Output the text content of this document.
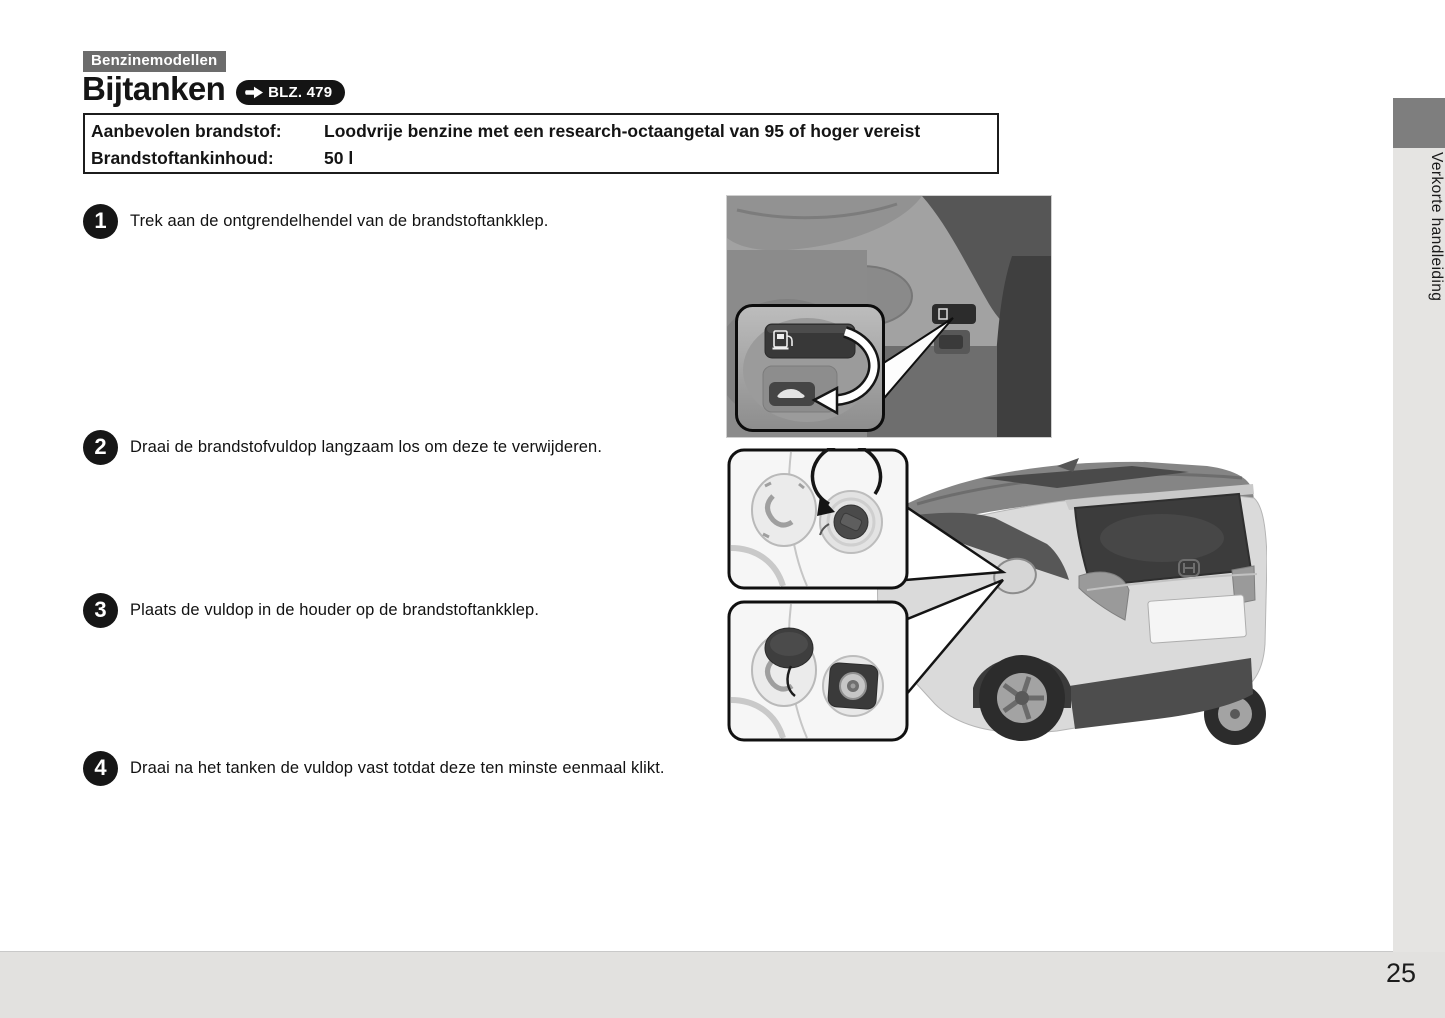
Benzinemodellen
Bijtanken	BLZ. 479
Aanbevolen brandstof:	Loodvrije benzine met een research-octaangetal van 95 of hoger vereist
Brandstoftankinhoud:	50 l
1	Trek aan de ontgrendelhendel van de brandstoftankklep.
2	Draai de brandstofvuldop langzaam los om deze te verwijderen.
3	Plaats de vuldop in de houder op de brandstoftankklep.
4	Draai na het tanken de vuldop vast totdat deze ten minste eenmaal klikt.
Verkorte handleiding
25
